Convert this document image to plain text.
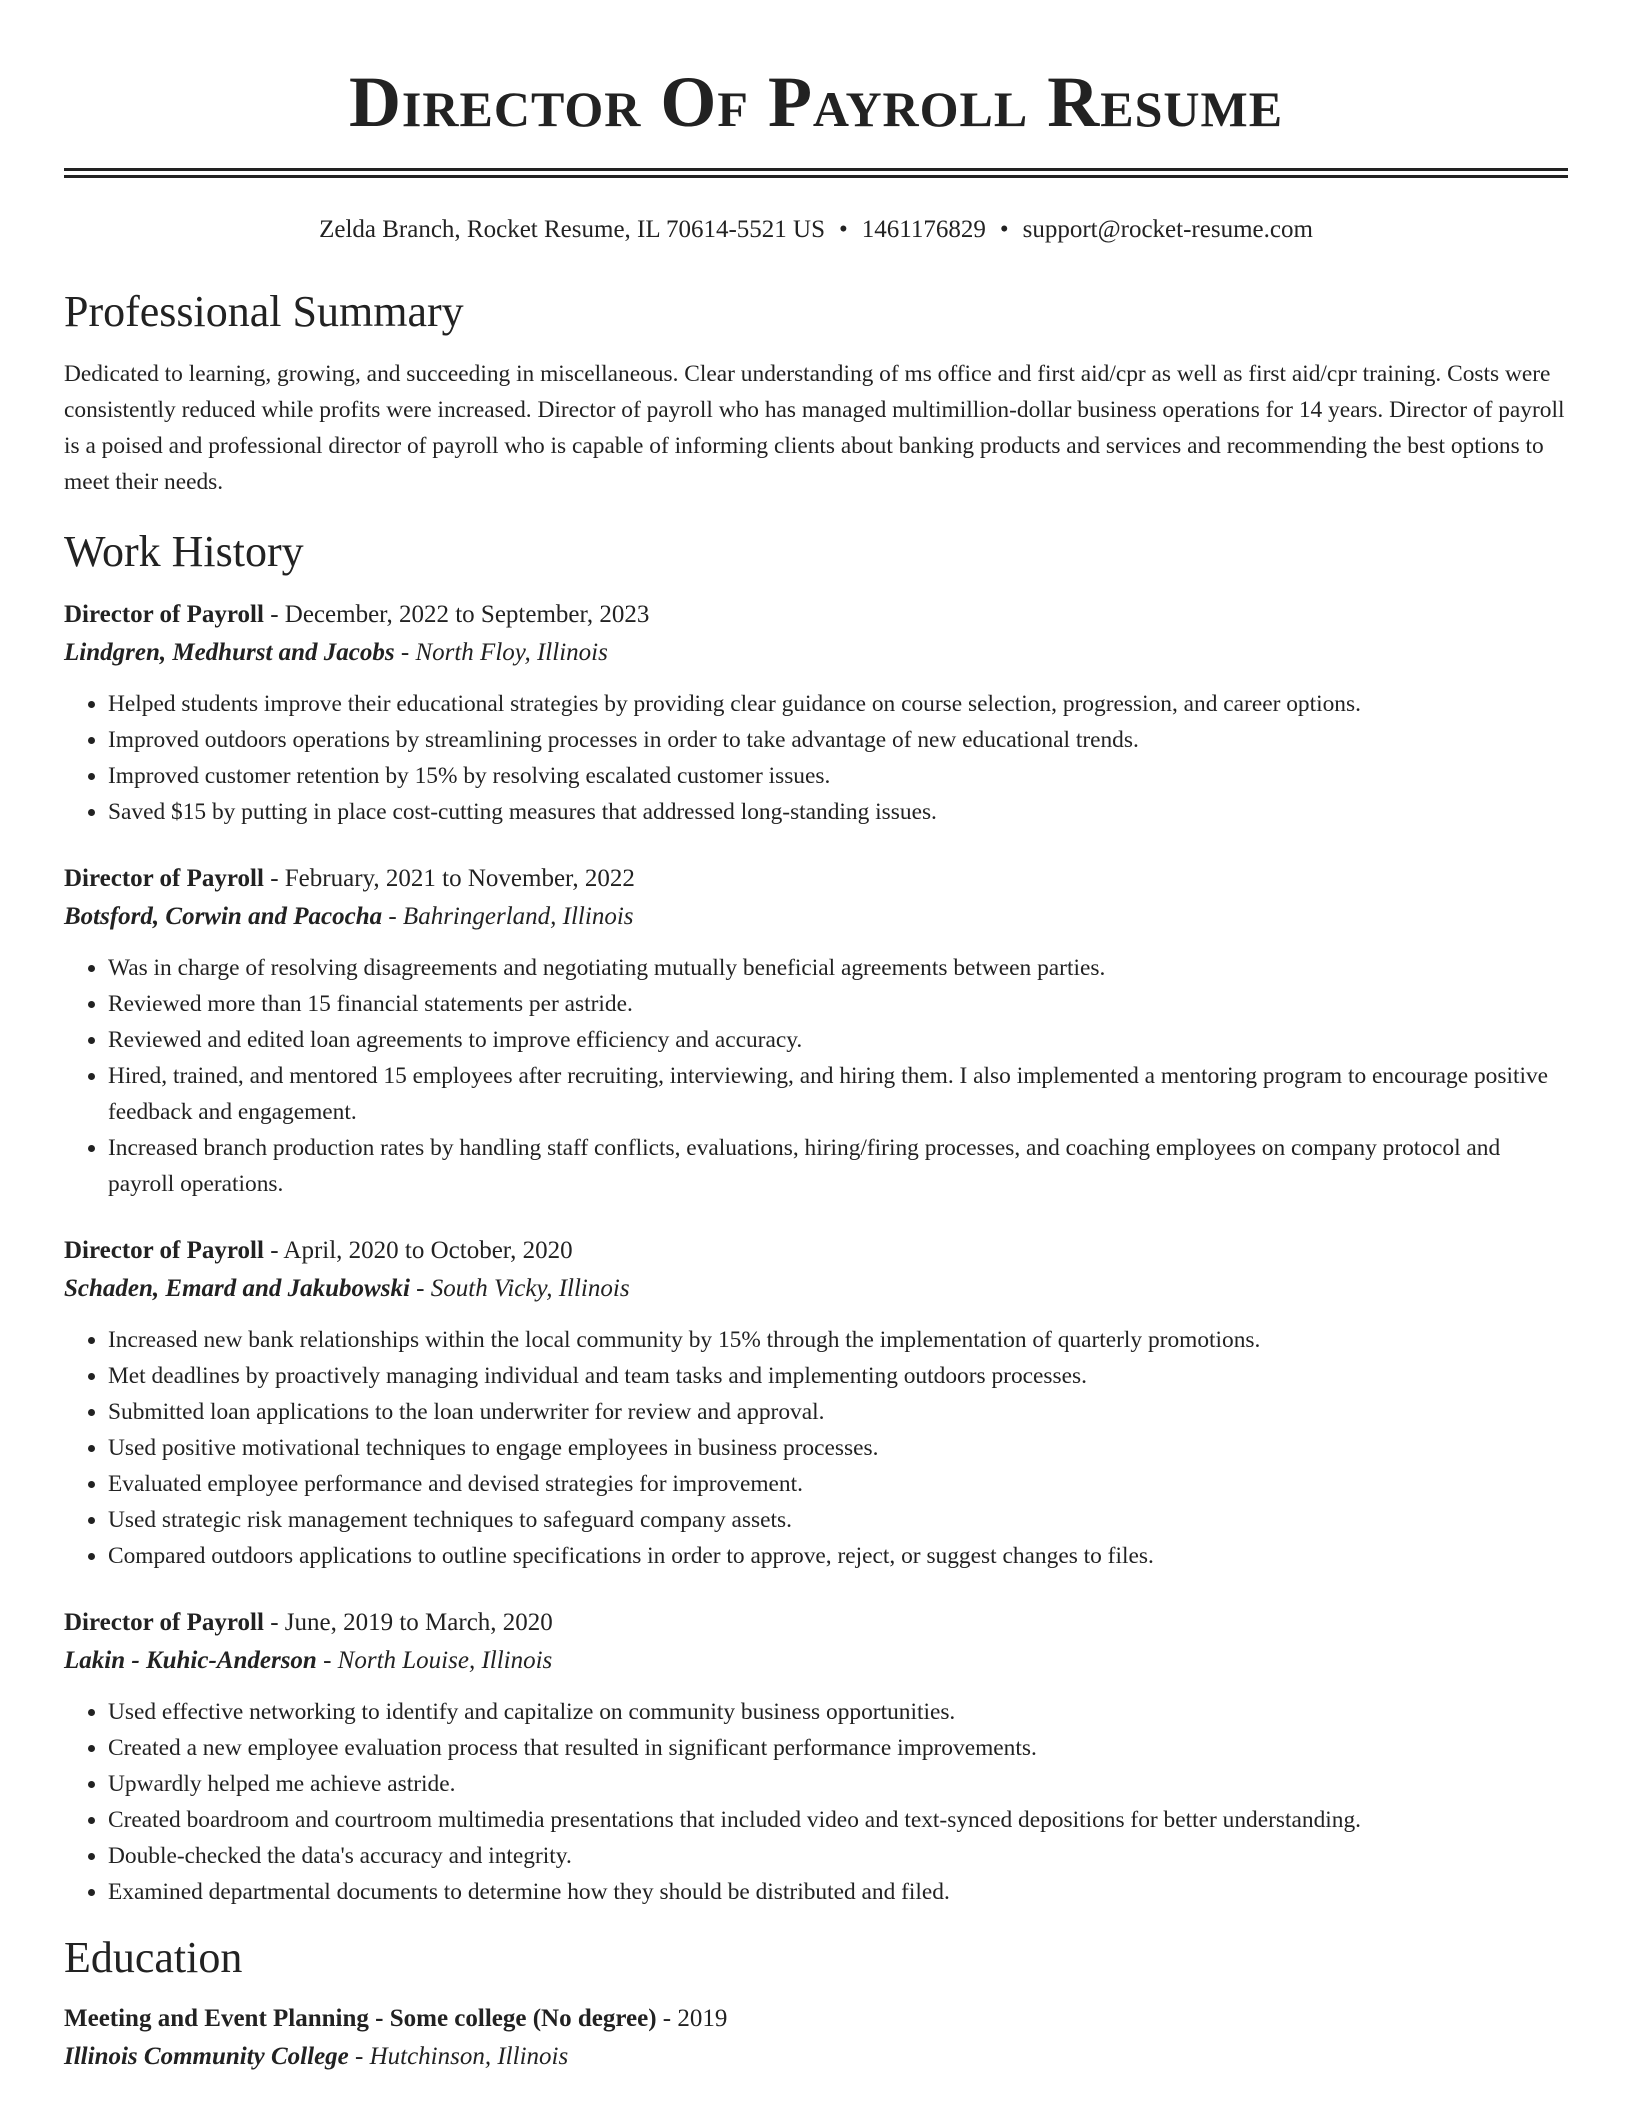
Director Of Payroll Resume
Zelda Branch, Rocket Resume, IL 70614-5521 US • 1461176829 • support@rocket-resume.com
Professional Summary

Dedicated to learning, growing, and succeeding in miscellaneous. Clear understanding of ms office and first aid/cpr as well as first aid/cpr training. Costs were consistently reduced while profits were increased. Director of payroll who has managed multimillion-dollar business operations for 14 years. Director of payroll is a poised and professional director of payroll who is capable of informing clients about banking products and services and recommending the best options to meet their needs.

Work History
Director of Payroll - December, 2022 to September, 2023
Lindgren, Medhurst and Jacobs - North Floy, Illinois
• Helped students improve their educational strategies by providing clear guidance on course selection, progression, and career options.
• Improved outdoors operations by streamlining processes in order to take advantage of new educational trends.
• Improved customer retention by 15% by resolving escalated customer issues.
• Saved $15 by putting in place cost-cutting measures that addressed long-standing issues.
Director of Payroll - February, 2021 to November, 2022
Botsford, Corwin and Pacocha - Bahringerland, Illinois
• Was in charge of resolving disagreements and negotiating mutually beneficial agreements between parties.
• Reviewed more than 15 financial statements per astride.
• Reviewed and edited loan agreements to improve efficiency and accuracy.
• Hired, trained, and mentored 15 employees after recruiting, interviewing, and hiring them. I also implemented a mentoring program to encourage positive feedback and engagement.
• Increased branch production rates by handling staff conflicts, evaluations, hiring/firing processes, and coaching employees on company protocol and payroll operations.
Director of Payroll - April, 2020 to October, 2020
Schaden, Emard and Jakubowski - South Vicky, Illinois
• Increased new bank relationships within the local community by 15% through the implementation of quarterly promotions.
• Met deadlines by proactively managing individual and team tasks and implementing outdoors processes.
• Submitted loan applications to the loan underwriter for review and approval.
• Used positive motivational techniques to engage employees in business processes.
• Evaluated employee performance and devised strategies for improvement.
• Used strategic risk management techniques to safeguard company assets.
• Compared outdoors applications to outline specifications in order to approve, reject, or suggest changes to files.
Director of Payroll - June, 2019 to March, 2020
Lakin - Kuhic-Anderson - North Louise, Illinois
• Used effective networking to identify and capitalize on community business opportunities.
• Created a new employee evaluation process that resulted in significant performance improvements.
• Upwardly helped me achieve astride.
• Created boardroom and courtroom multimedia presentations that included video and text-synced depositions for better understanding.
• Double-checked the data's accuracy and integrity.
• Examined departmental documents to determine how they should be distributed and filed.
Education
Meeting and Event Planning - Some college (No degree) - 2019
Illinois Community College - Hutchinson, Illinois
